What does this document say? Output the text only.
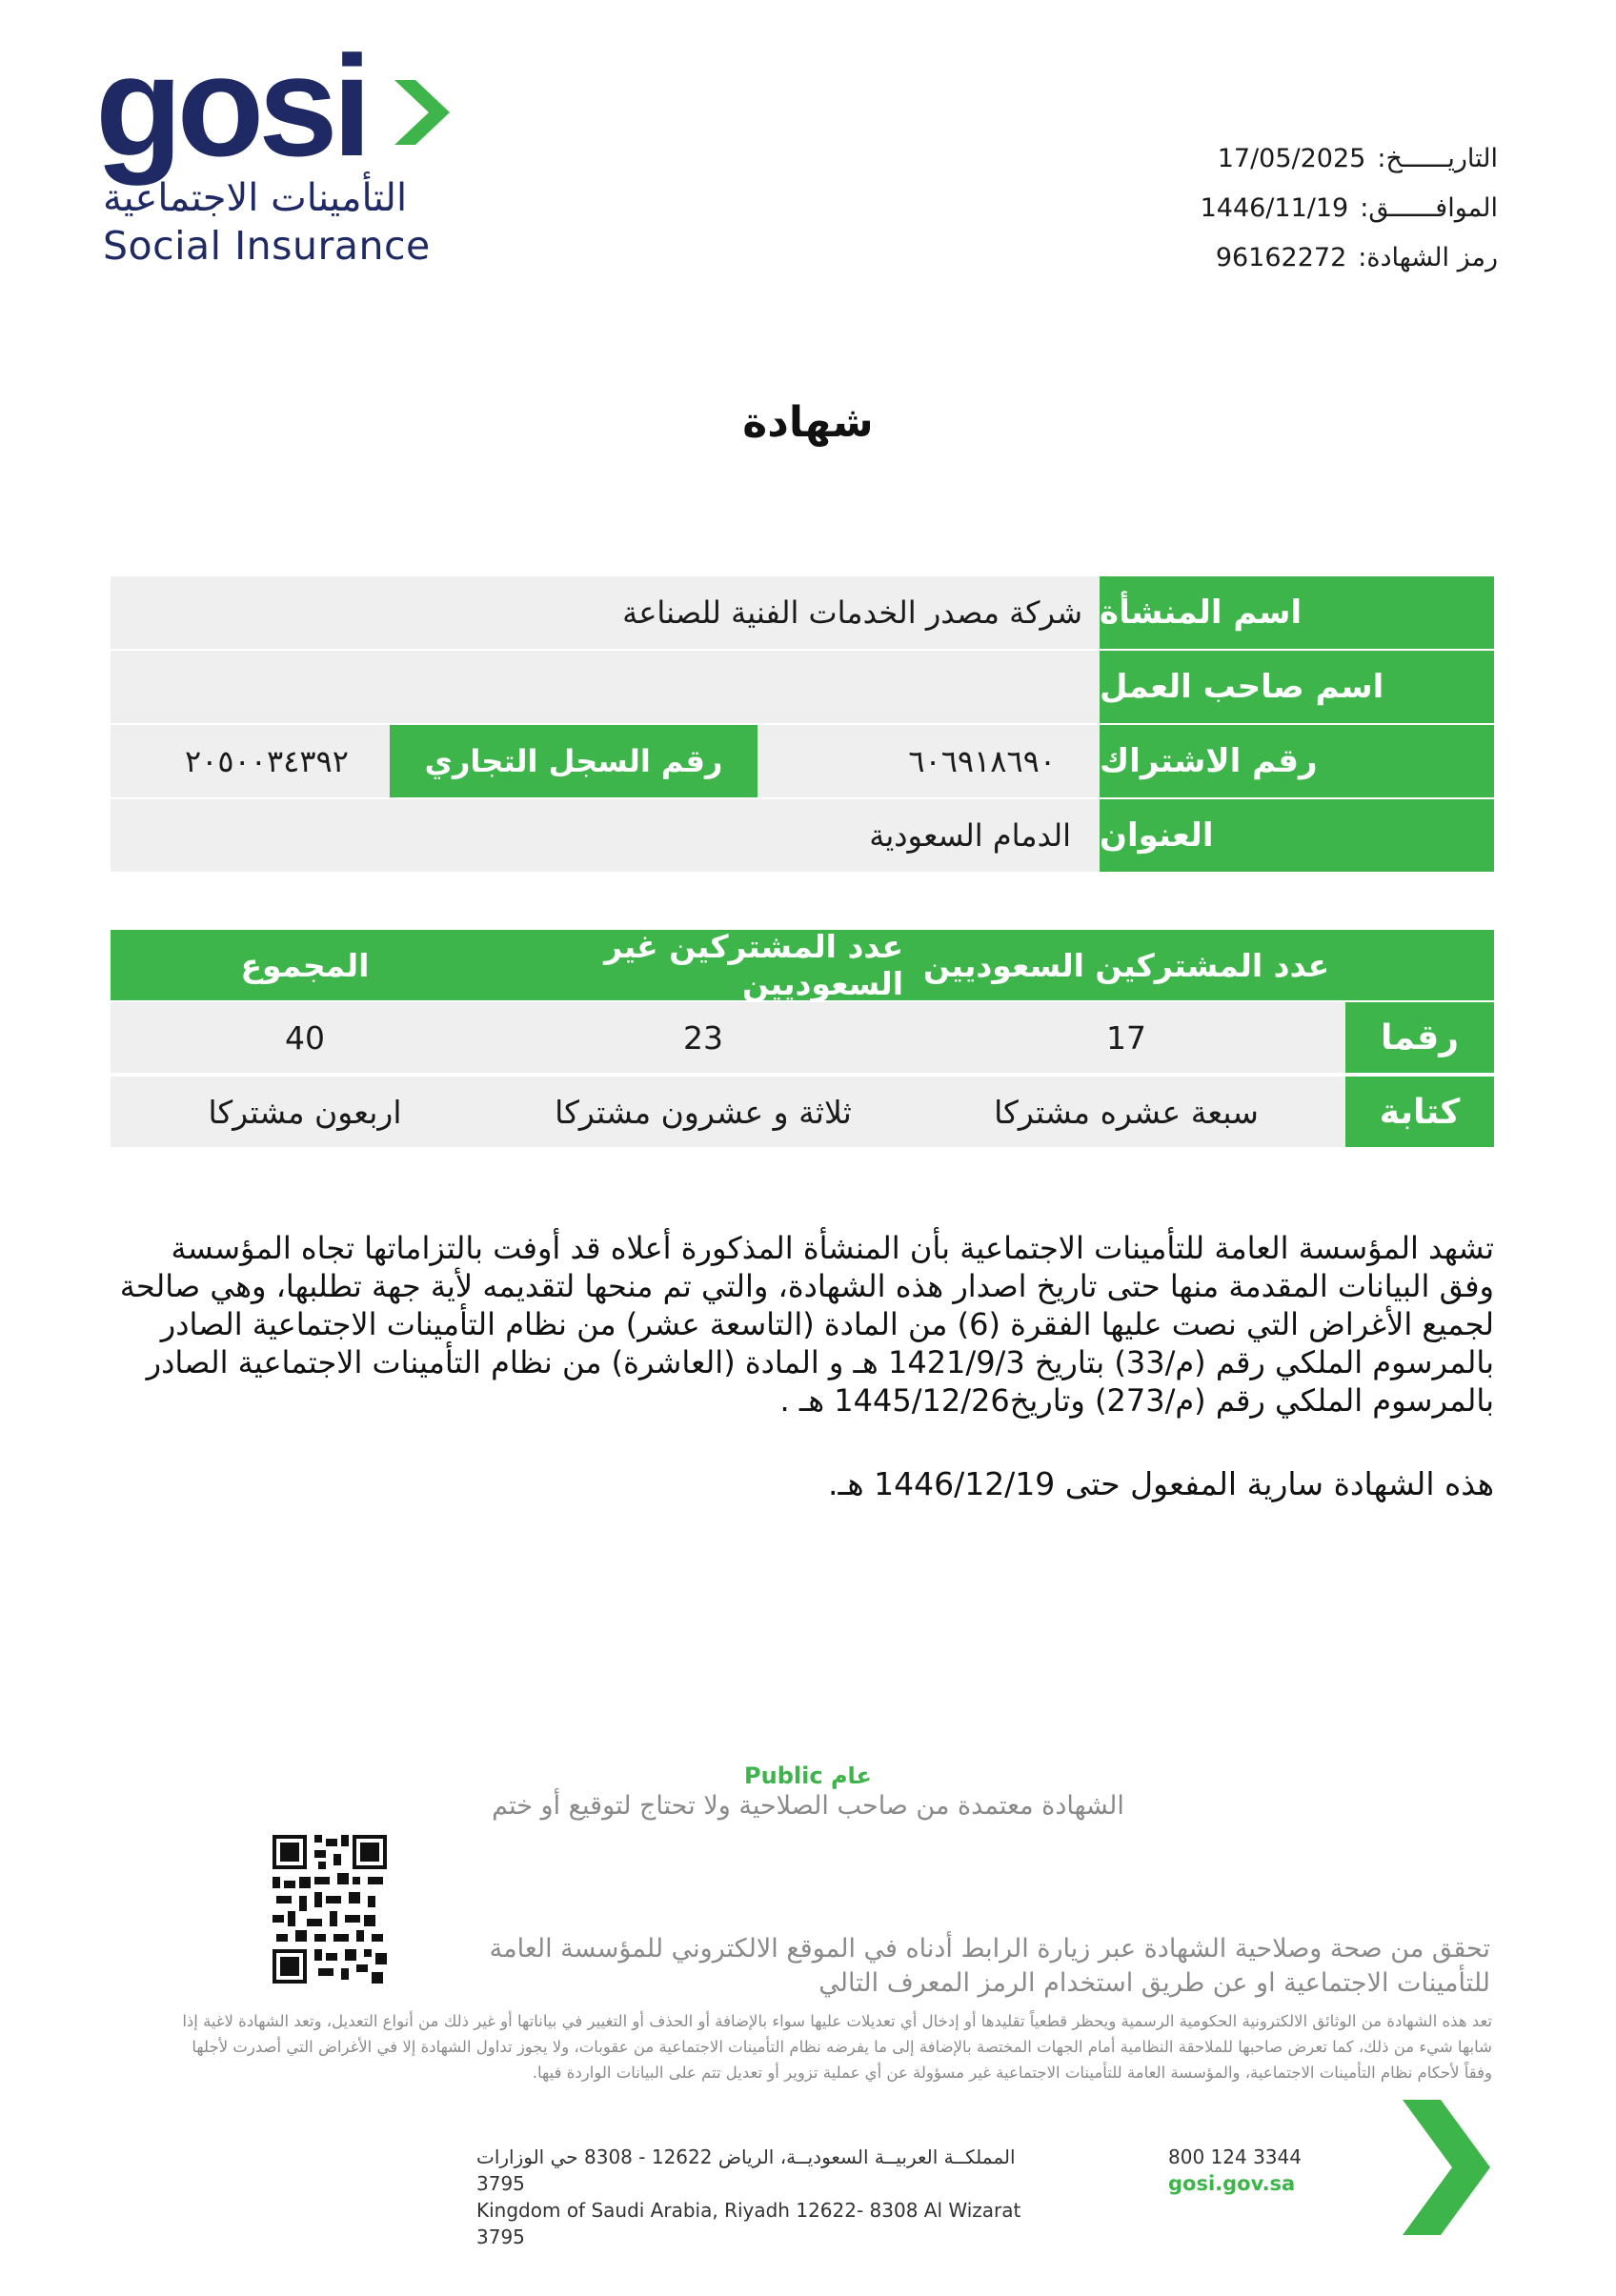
gosi
التأمينات الاجتماعية
Social Insurance
التاريــــــخ:
17/05/2025
الموافــــــق:
1446/11/19
رمز الشهادة:
96162272
شهادة
اسم المنشأة
شركة مصدر الخدمات الفنية للصناعة
اسم صاحب العمل
رقم الاشتراك
٦٠٦٩١٨٦٩٠
رقم السجل التجاري
٢٠٥٠٠٣٤٣٩٢
العنوان
الدمام السعودية
عدد المشتركين السعوديين
عدد المشتركين غير السعوديين
المجموع
رقما
17
23
40
كتابة
سبعة عشره مشتركا
ثلاثة و عشرون مشتركا
اربعون مشتركا
تشهد المؤسسة العامة للتأمينات الاجتماعية بأن المنشأة المذكورة أعلاه قد أوفت بالتزاماتها تجاه المؤسسة وفق البيانات المقدمة منها حتى تاريخ اصدار هذه الشهادة، والتي تم منحها لتقديمه لأية جهة تطلبها، وهي صالحة لجميع الأغراض التي نصت عليها الفقرة (6) من المادة (التاسعة عشر) من نظام التأمينات الاجتماعية الصادر بالمرسوم الملكي رقم (م/33) بتاريخ 1421/9/3 هـ و المادة (العاشرة) من نظام التأمينات الاجتماعية الصادر بالمرسوم الملكي رقم (م/273) وتاريخ1445/12/26 هـ .
هذه الشهادة سارية المفعول حتى 1446/12/19 هـ.
Public عام
الشهادة معتمدة من صاحب الصلاحية ولا تحتاج لتوقيع أو ختم
تحقق من صحة وصلاحية الشهادة عبر زيارة الرابط أدناه في الموقع الالكتروني للمؤسسة العامة للتأمينات الاجتماعية او عن طريق استخدام الرمز المعرف التالي
تعد هذه الشهادة من الوثائق الالكترونية الحكومية الرسمية ويحظر قطعياً تقليدها أو إدخال أي تعديلات عليها سواء بالإضافة أو الحذف أو التغيير في بياناتها أو غير ذلك من أنواع التعديل، وتعد الشهادة لاغية إذا شابها شيء من ذلك، كما تعرض صاحبها للملاحقة النظامية أمام الجهات المختصة بالإضافة إلى ما يفرضه نظام التأمينات الاجتماعية من عقوبات، ولا يجوز تداول الشهادة إلا في الأغراض التي أصدرت لأجلها وفقاً لأحكام نظام التأمينات الاجتماعية، والمؤسسة العامة للتأمينات الاجتماعية غير مسؤولة عن أي عملية تزوير أو تعديل تتم على البيانات الواردة فيها.
المملكــة العربيــة السعوديــة، الرياض 12622 - 8308 حي الوزارات 3795
Kingdom of Saudi Arabia, Riyadh 12622- 8308 Al Wizarat 3795
800 124 3344
gosi.gov.sa
